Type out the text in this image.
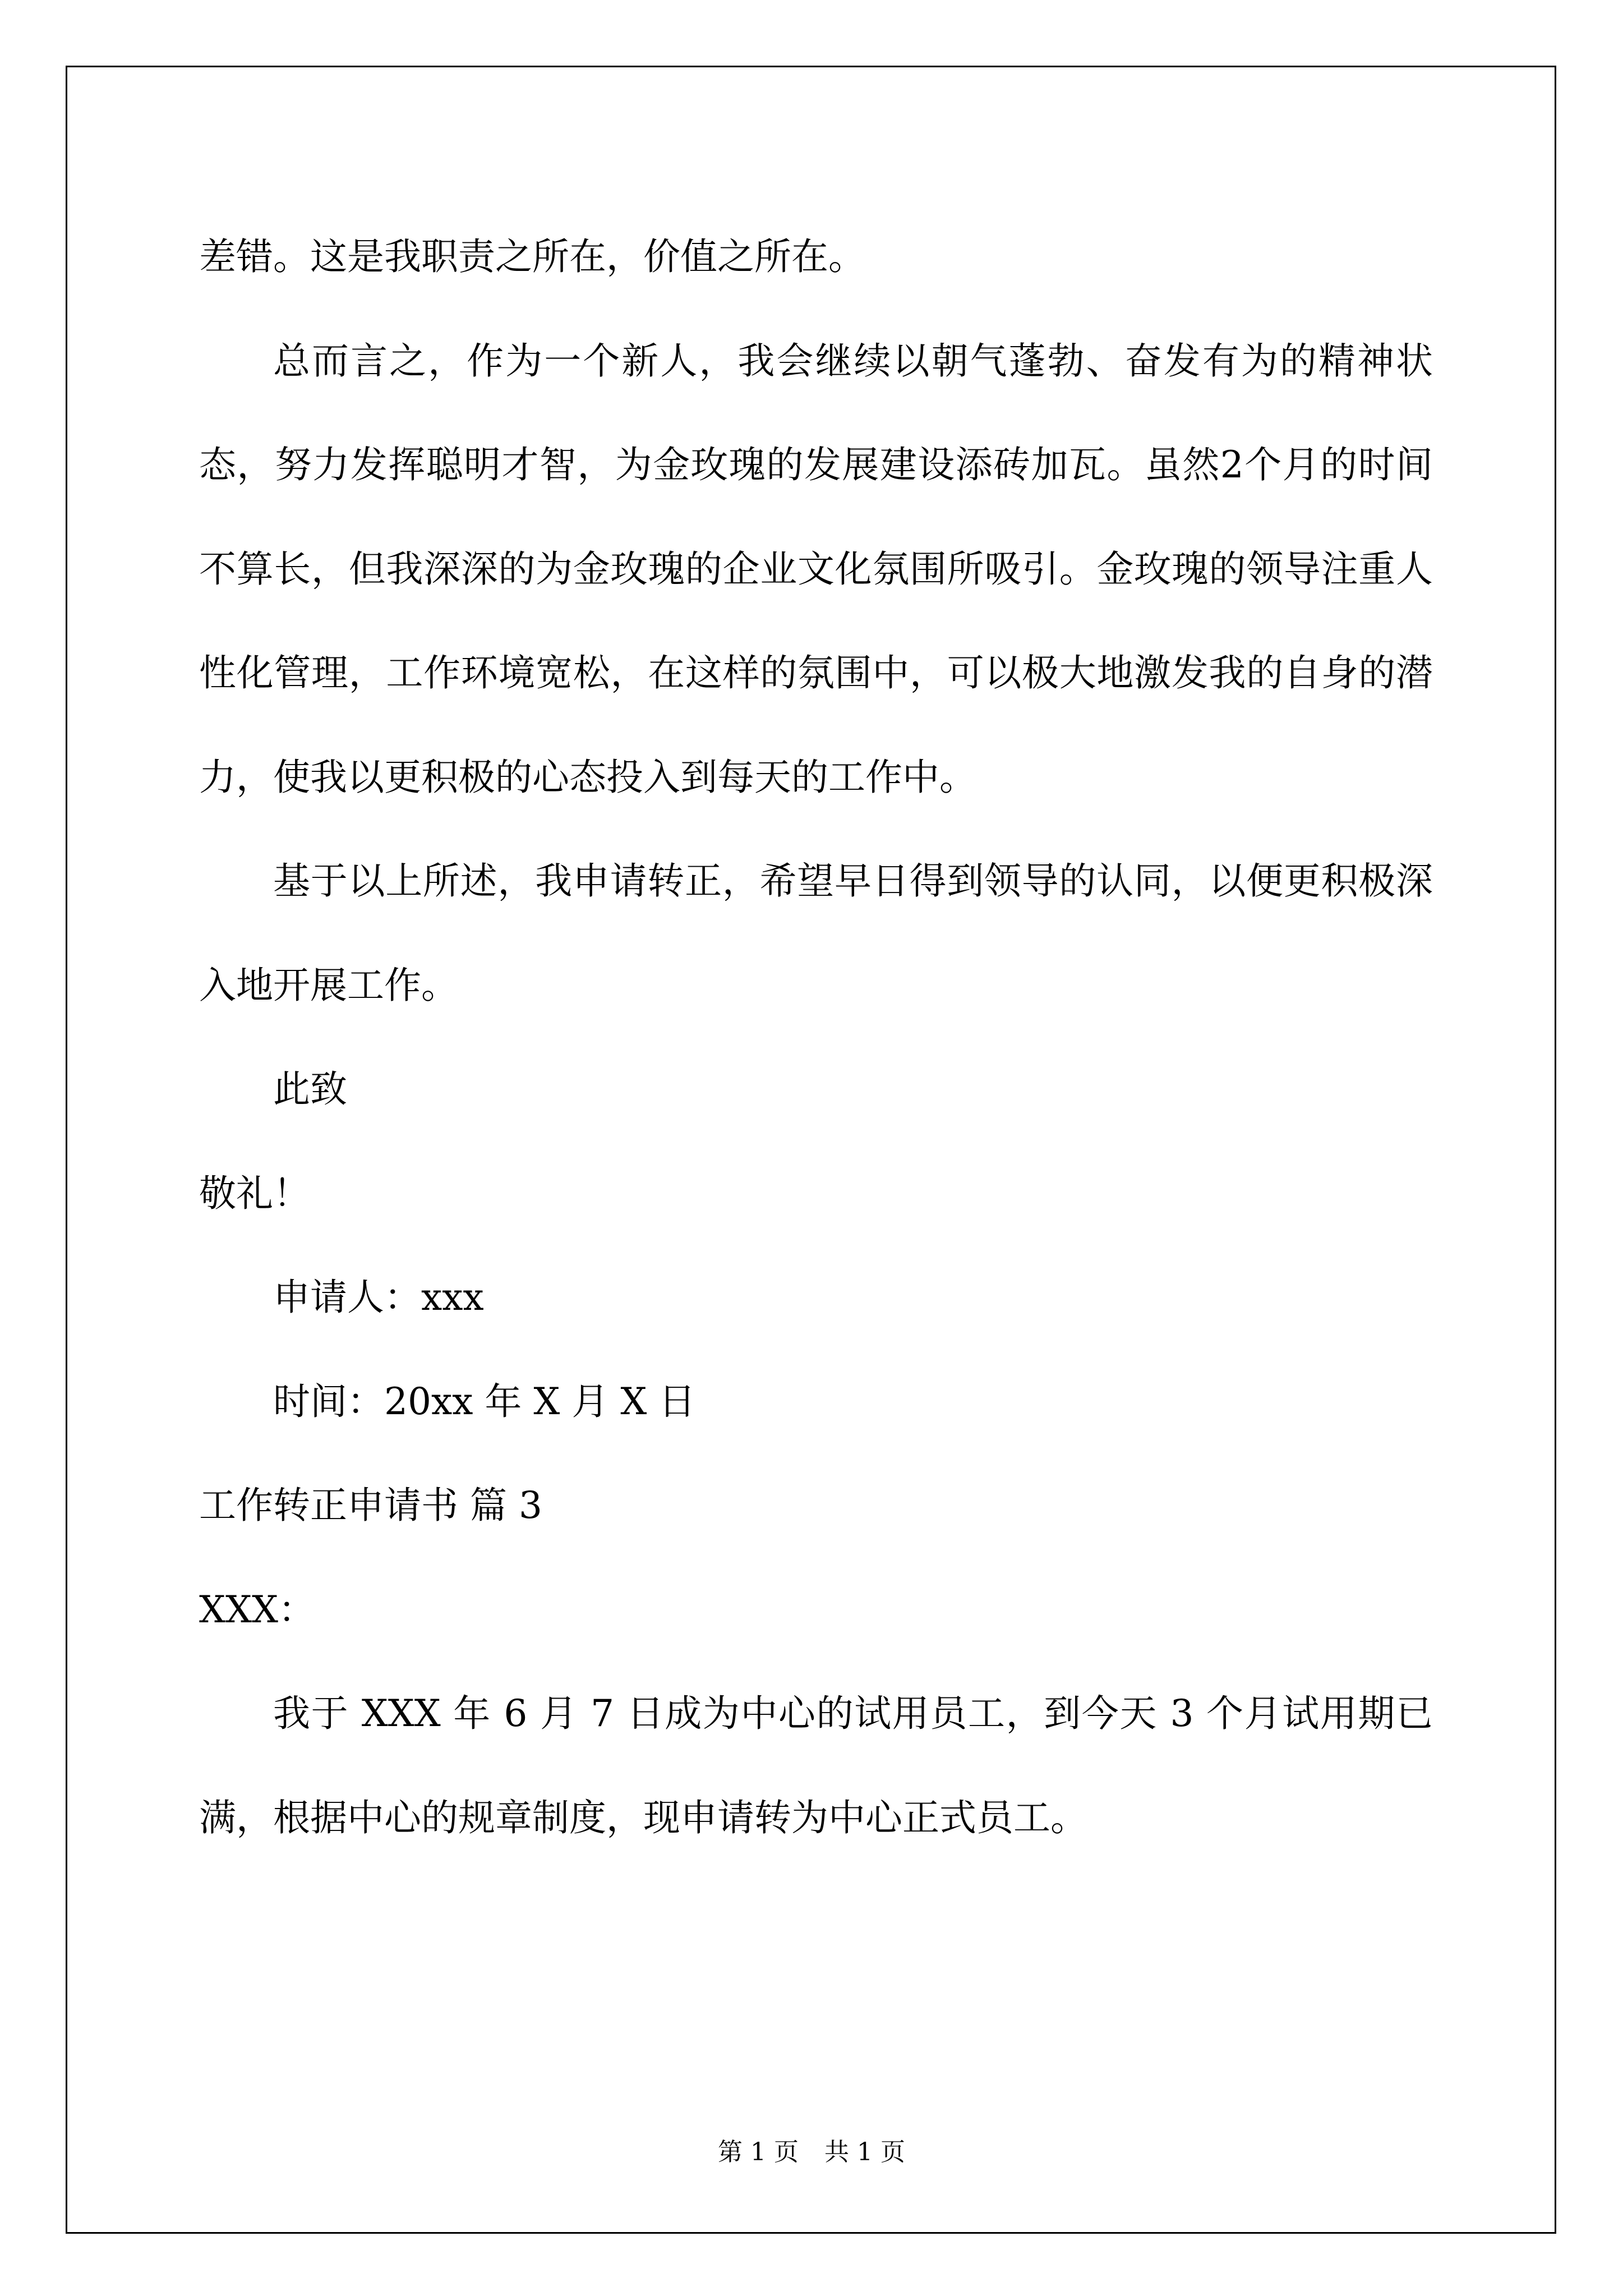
差错。这是我职责之所在，价值之所在。

总而言之，作为一个新人，我会继续以朝气蓬勃、奋发有为的精神状态，努力发挥聪明才智，为金玫瑰的发展建设添砖加瓦。虽然2个月的时间不算长，但我深深的为金玫瑰的企业文化氛围所吸引。金玫瑰的领导注重人性化管理，工作环境宽松，在这样的氛围中，可以极大地激发我的自身的潜力，使我以更积极的心态投入到每天的工作中。

基于以上所述，我申请转正，希望早日得到领导的认同，以便更积极深入地开展工作。

此致

敬礼！

申请人：xxx

时间：20xx 年 X 月 X 日

工作转正申请书 篇 3

XXX：

我于 XXX 年 6 月 7 日成为中心的试用员工，到今天 3 个月试用期已满，根据中心的规章制度，现申请转为中心正式员工。

第 1 页 共 1 页
